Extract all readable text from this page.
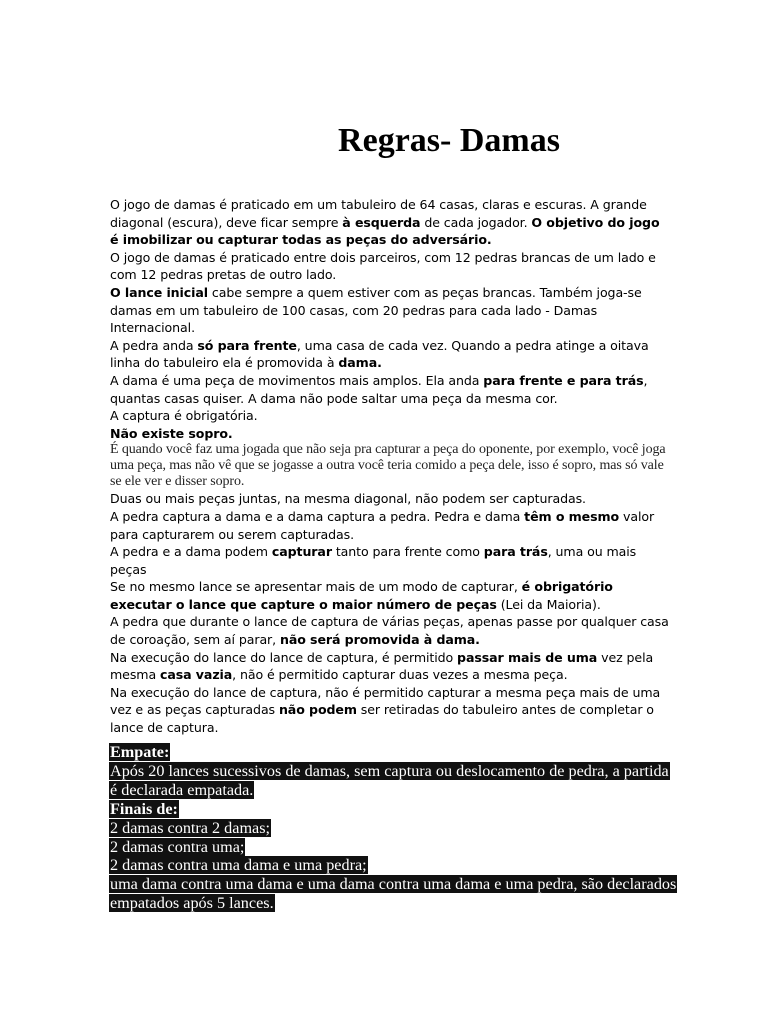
Regras- Damas

O jogo de damas é praticado em um tabuleiro de 64 casas, claras e escuras. A grande diagonal (escura), deve ficar sempre à esquerda de cada jogador. O objetivo do jogo é imobilizar ou capturar todas as peças do adversário.

O jogo de damas é praticado entre dois parceiros, com 12 pedras brancas de um lado e com 12 pedras pretas de outro lado.

O lance inicial cabe sempre a quem estiver com as peças brancas. Também joga-se damas em um tabuleiro de 100 casas, com 20 pedras para cada lado - Damas Internacional.

A pedra anda só para frente, uma casa de cada vez. Quando a pedra atinge a oitava linha do tabuleiro ela é promovida à dama.

A dama é uma peça de movimentos mais amplos. Ela anda para frente e para trás, quantas casas quiser. A dama não pode saltar uma peça da mesma cor.

A captura é obrigatória.

Não existe sopro.

É quando você faz uma jogada que não seja pra capturar a peça do oponente, por exemplo, você joga uma peça, mas não vê que se jogasse a outra você teria comido a peça dele, isso é sopro, mas só vale se ele ver e disser sopro.

Duas ou mais peças juntas, na mesma diagonal, não podem ser capturadas.

A pedra captura a dama e a dama captura a pedra. Pedra e dama têm o mesmo valor para capturarem ou serem capturadas.

A pedra e a dama podem capturar tanto para frente como para trás, uma ou mais peças

Se no mesmo lance se apresentar mais de um modo de capturar, é obrigatório executar o lance que capture o maior número de peças (Lei da Maioria).

A pedra que durante o lance de captura de várias peças, apenas passe por qualquer casa de coroação, sem aí parar, não será promovida à dama.

Na execução do lance do lance de captura, é permitido passar mais de uma vez pela mesma casa vazia, não é permitido capturar duas vezes a mesma peça.

Na execução do lance de captura, não é permitido capturar a mesma peça mais de uma vez e as peças capturadas não podem ser retiradas do tabuleiro antes de completar o lance de captura.

Empate:

Após 20 lances sucessivos de damas, sem captura ou deslocamento de pedra, a partida é declarada empatada.

Finais de:

2 damas contra 2 damas;

2 damas contra uma;

2 damas contra uma dama e uma pedra;

uma dama contra uma dama e uma dama contra uma dama e uma pedra, são declarados empatados após 5 lances.
